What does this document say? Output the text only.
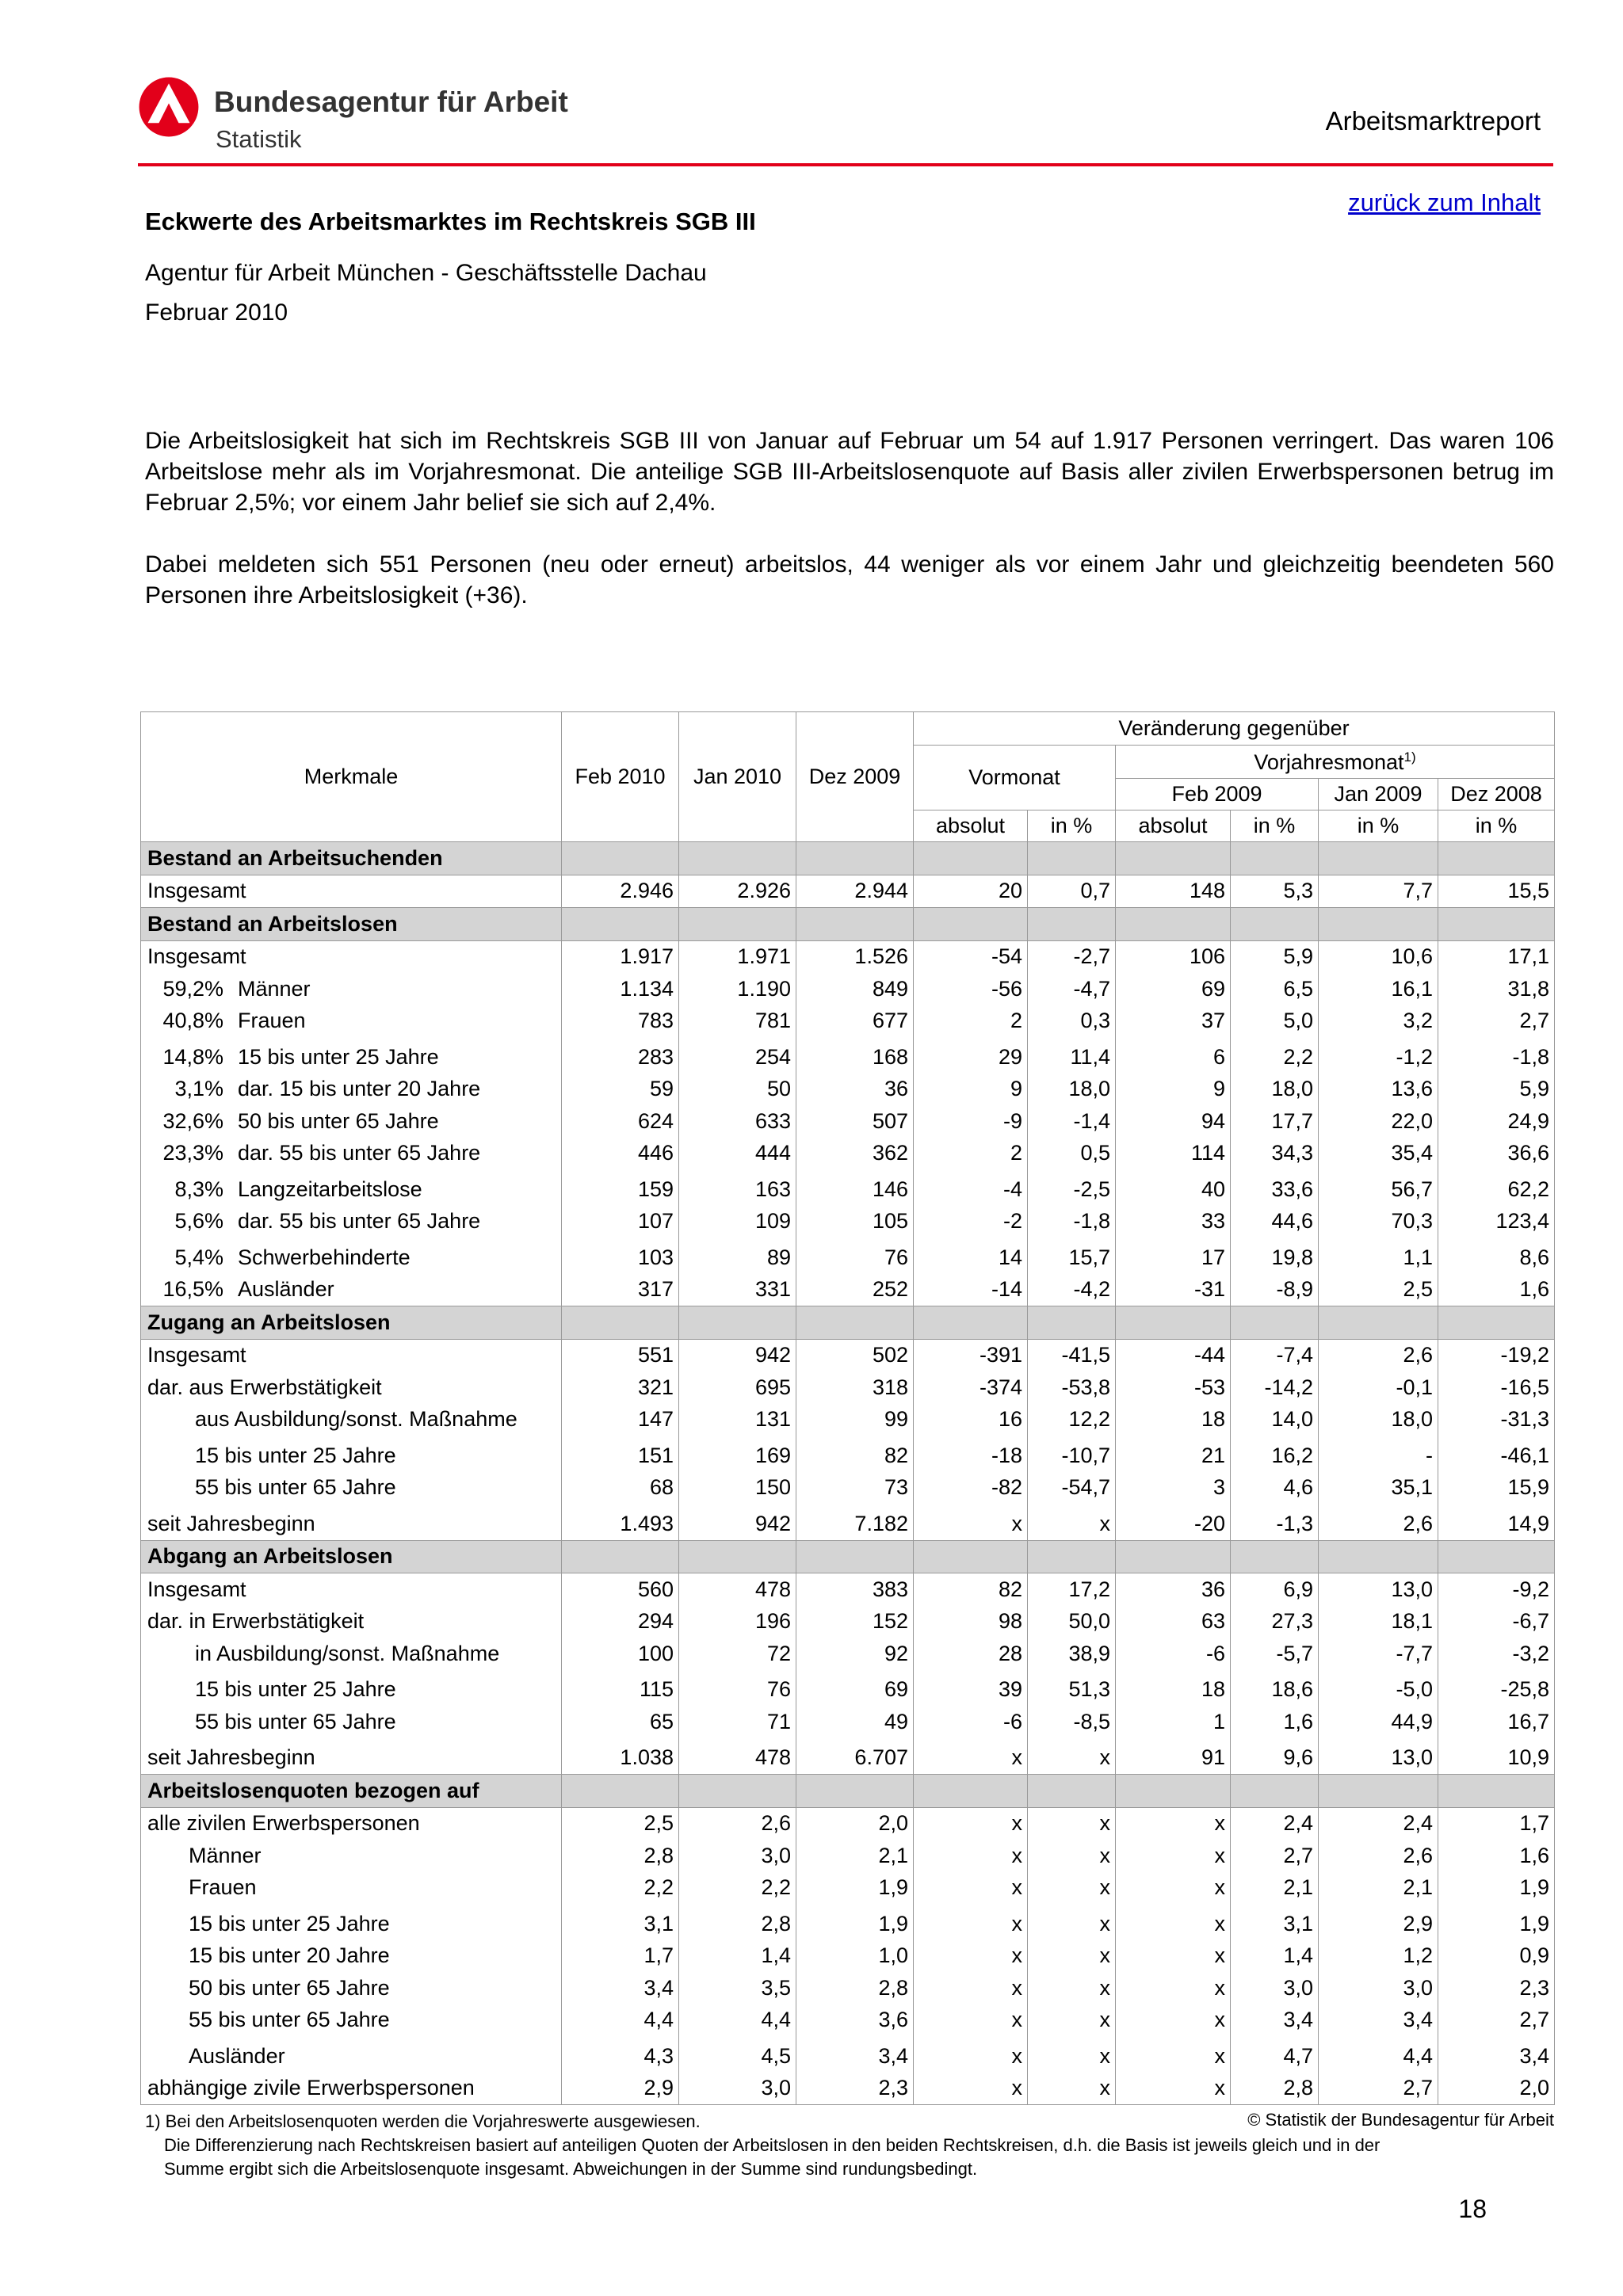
Bundesagentur für Arbeit
Statistik
Arbeitsmarktreport
zurück zum Inhalt
Eckwerte des Arbeitsmarktes im Rechtskreis SGB III
Agentur für Arbeit München - Geschäftsstelle Dachau
Februar 2010

Die Arbeitslosigkeit hat sich im Rechtskreis SGB III von Januar auf Februar um 54 auf 1.917 Personen verringert. Das waren 106 Arbeitslose mehr als im Vorjahresmonat. Die anteilige SGB III-Arbeitslosenquote auf Basis aller zivilen Erwerbspersonen betrug im Februar 2,5%; vor einem Jahr belief sie sich auf 2,4%.

Dabei meldeten sich 551 Personen (neu oder erneut) arbeitslos, 44 weniger als vor einem Jahr und gleichzeitig beendeten 560 Personen ihre Arbeitslosigkeit (+36).

Merkmale	Feb 2010	Jan 2010	Dez 2009	Veränderung gegenüber					
				Vormonat		Vorjahresmonat$^{1)}$
						Feb 2009		Jan 2009	Dez 2008
				absolut	in %	absolut	in %	in %	in %
Bestand an Arbeitsuchenden									
Insgesamt	2.946	2.926	2.944	20	0,7	148	5,3	7,7	15,5
Bestand an Arbeitslosen									
Insgesamt	1.917	1.971	1.526	-54	-2,7	106	5,9	10,6	17,1
59,2% Männer	1.134	1.190	849	-56	-4,7	69	6,5	16,1	31,8
40,8% Frauen	783	781	677	2	0,3	37	5,0	3,2	2,7
14,8% 15 bis unter 25 Jahre	283	254	168	29	11,4	6	2,2	-1,2	-1,8
3,1% dar. 15 bis unter 20 Jahre	59	50	36	9	18,0	9	18,0	13,6	5,9
32,6% 50 bis unter 65 Jahre	624	633	507	-9	-1,4	94	17,7	22,0	24,9
23,3% dar. 55 bis unter 65 Jahre	446	444	362	2	0,5	114	34,3	35,4	36,6
8,3% Langzeitarbeitslose	159	163	146	-4	-2,5	40	33,6	56,7	62,2
5,6% dar. 55 bis unter 65 Jahre	107	109	105	-2	-1,8	33	44,6	70,3	123,4
5,4% Schwerbehinderte	103	89	76	14	15,7	17	19,8	1,1	8,6
16,5% Ausländer	317	331	252	-14	-4,2	-31	-8,9	2,5	1,6
Zugang an Arbeitslosen									
Insgesamt	551	942	502	-391	-41,5	-44	-7,4	2,6	-19,2
dar. aus Erwerbstätigkeit	321	695	318	-374	-53,8	-53	-14,2	-0,1	-16,5
aus Ausbildung/sonst. Maßnahme	147	131	99	16	12,2	18	14,0	18,0	-31,3
15 bis unter 25 Jahre	151	169	82	-18	-10,7	21	16,2	-	-46,1
55 bis unter 65 Jahre	68	150	73	-82	-54,7	3	4,6	35,1	15,9
seit Jahresbeginn	1.493	942	7.182	x	x	-20	-1,3	2,6	14,9
Abgang an Arbeitslosen									
Insgesamt	560	478	383	82	17,2	36	6,9	13,0	-9,2
dar. in Erwerbstätigkeit	294	196	152	98	50,0	63	27,3	18,1	-6,7
in Ausbildung/sonst. Maßnahme	100	72	92	28	38,9	-6	-5,7	-7,7	-3,2
15 bis unter 25 Jahre	115	76	69	39	51,3	18	18,6	-5,0	-25,8
55 bis unter 65 Jahre	65	71	49	-6	-8,5	1	1,6	44,9	16,7
seit Jahresbeginn	1.038	478	6.707	x	x	91	9,6	13,0	10,9
Arbeitslosenquoten bezogen auf									
alle zivilen Erwerbspersonen	2,5	2,6	2,0	x	x	x	2,4	2,4	1,7
Männer	2,8	3,0	2,1	x	x	x	2,7	2,6	1,6
Frauen	2,2	2,2	1,9	x	x	x	2,1	2,1	1,9
15 bis unter 25 Jahre	3,1	2,8	1,9	x	x	x	3,1	2,9	1,9
15 bis unter 20 Jahre	1,7	1,4	1,0	x	x	x	1,4	1,2	0,9
50 bis unter 65 Jahre	3,4	3,5	2,8	x	x	x	3,0	3,0	2,3
55 bis unter 65 Jahre	4,4	4,4	3,6	x	x	x	3,4	3,4	2,7
Ausländer	4,3	4,5	3,4	x	x	x	4,7	4,4	3,4
abhängige zivile Erwerbspersonen	2,9	3,0	2,3	x	x	x	2,8	2,7	2,0
1) Bei den Arbeitslosenquoten werden die Vorjahreswerte ausgewiesen.
Die Differenzierung nach Rechtskreisen basiert auf anteiligen Quoten der Arbeitslosen in den beiden Rechtskreisen, d.h. die Basis ist jeweils gleich und in der
Summe ergibt sich die Arbeitslosenquote insgesamt. Abweichungen in der Summe sind rundungsbedingt.
© Statistik der Bundesagentur für Arbeit
18
